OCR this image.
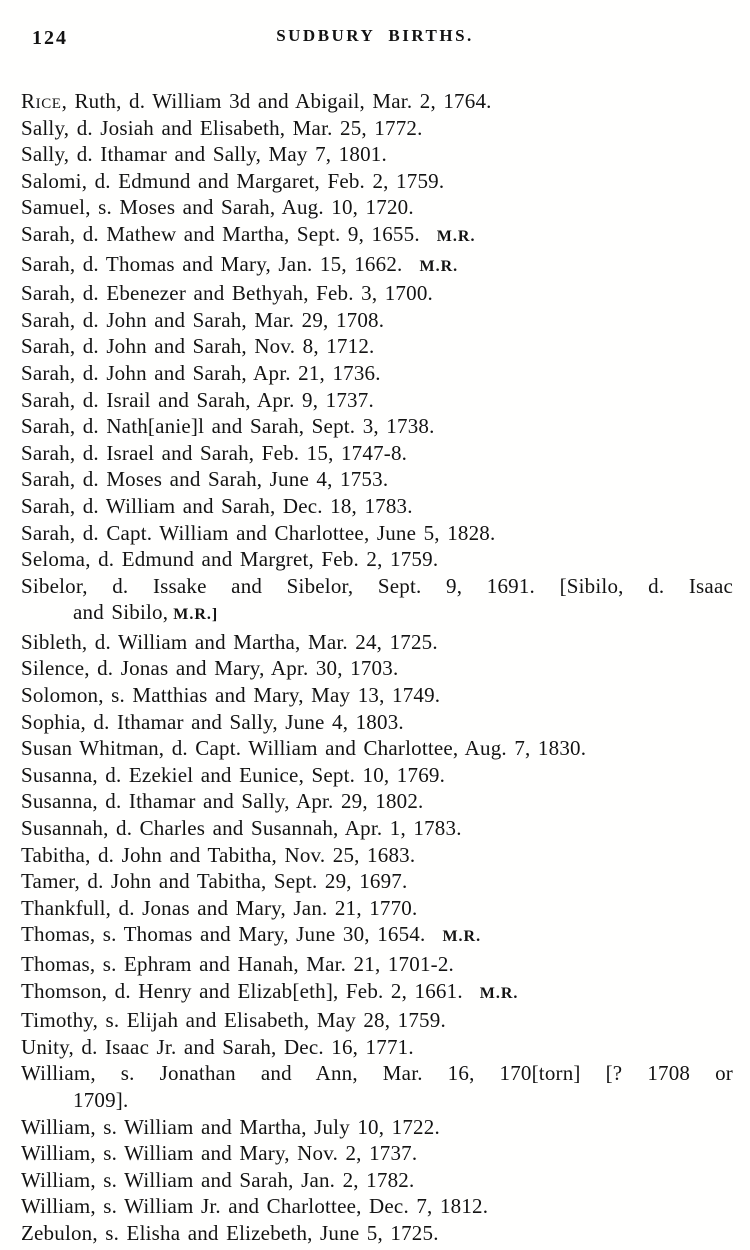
124	SUDBURY BIRTHS.
Rice, Ruth, d. William 3d and Abigail, Mar. 2, 1764.
Sally, d. Josiah and Elisabeth, Mar. 25, 1772.
Sally, d. Ithamar and Sally, May 7, 1801.
Salomi, d. Edmund and Margaret, Feb. 2, 1759.
Samuel, s. Moses and Sarah, Aug. 10, 1720.
Sarah, d. Mathew and Martha, Sept. 9, 1655. M.R.
Sarah, d. Thomas and Mary, Jan. 15, 1662. M.R.
Sarah, d. Ebenezer and Bethyah, Feb. 3, 1700.
Sarah, d. John and Sarah, Mar. 29, 1708.
Sarah, d. John and Sarah, Nov. 8, 1712.
Sarah, d. John and Sarah, Apr. 21, 1736.
Sarah, d. Israil and Sarah, Apr. 9, 1737.
Sarah, d. Nath[anie]l and Sarah, Sept. 3, 1738.
Sarah, d. Israel and Sarah, Feb. 15, 1747-8.
Sarah, d. Moses and Sarah, June 4, 1753.
Sarah, d. William and Sarah, Dec. 18, 1783.
Sarah, d. Capt. William and Charlottee, June 5, 1828.
Seloma, d. Edmund and Margret, Feb. 2, 1759.
Sibelor, d. Issake and Sibelor, Sept. 9, 1691. [Sibilo, d. Isaac
and Sibilo, M.R.]
Sibleth, d. William and Martha, Mar. 24, 1725.
Silence, d. Jonas and Mary, Apr. 30, 1703.
Solomon, s. Matthias and Mary, May 13, 1749.
Sophia, d. Ithamar and Sally, June 4, 1803.
Susan Whitman, d. Capt. William and Charlottee, Aug. 7, 1830.
Susanna, d. Ezekiel and Eunice, Sept. 10, 1769.
Susanna, d. Ithamar and Sally, Apr. 29, 1802.
Susannah, d. Charles and Susannah, Apr. 1, 1783.
Tabitha, d. John and Tabitha, Nov. 25, 1683.
Tamer, d. John and Tabitha, Sept. 29, 1697.
Thankfull, d. Jonas and Mary, Jan. 21, 1770.
Thomas, s. Thomas and Mary, June 30, 1654. M.R.
Thomas, s. Ephram and Hanah, Mar. 21, 1701-2.
Thomson, d. Henry and Elizab[eth], Feb. 2, 1661. M.R.
Timothy, s. Elijah and Elisabeth, May 28, 1759.
Unity, d. Isaac Jr. and Sarah, Dec. 16, 1771.
William, s. Jonathan and Ann, Mar. 16, 170[torn] [? 1708 or
1709].
William, s. William and Martha, July 10, 1722.
William, s. William and Mary, Nov. 2, 1737.
William, s. William and Sarah, Jan. 2, 1782.
William, s. William Jr. and Charlottee, Dec. 7, 1812.
Zebulon, s. Elisha and Elizebeth, June 5, 1725.
